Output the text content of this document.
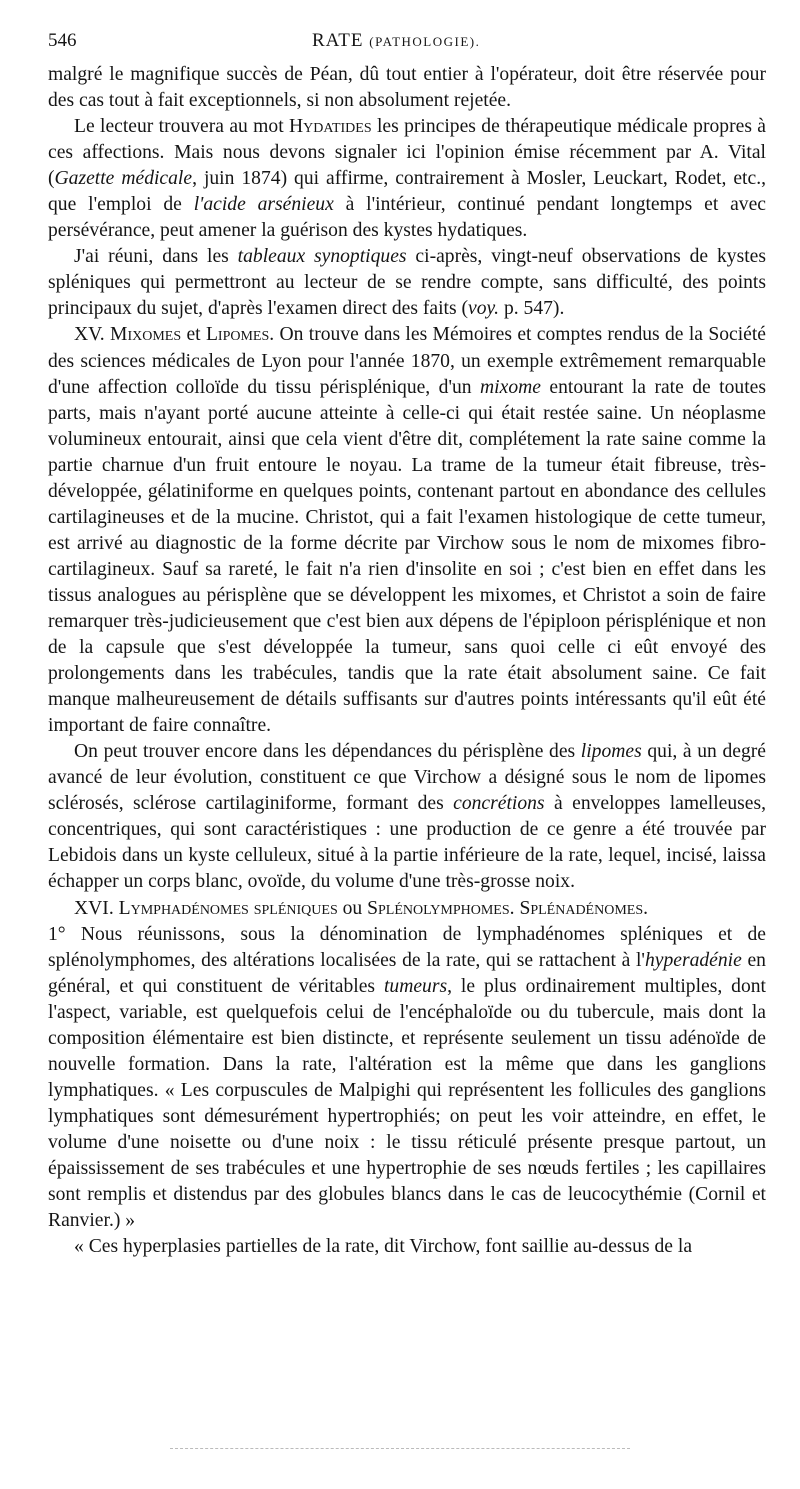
546	RATE (PATHOLOGIE).

malgré le magnifique succès de Péan, dû tout entier à l'opérateur, doit être réservée pour des cas tout à fait exceptionnels, si non absolument rejetée.

Le lecteur trouvera au mot Hydatides les principes de thérapeutique médicale propres à ces affections. Mais nous devons signaler ici l'opinion émise récemment par A. Vital (Gazette médicale, juin 1874) qui affirme, contrairement à Mosler, Leuckart, Rodet, etc., que l'emploi de l'acide arsénieux à l'intérieur, continué pendant longtemps et avec persévérance, peut amener la guérison des kystes hydatiques.

J'ai réuni, dans les tableaux synoptiques ci-après, vingt-neuf observations de kystes spléniques qui permettront au lecteur de se rendre compte, sans difficulté, des points principaux du sujet, d'après l'examen direct des faits (voy. p. 547).

XV. Mixomes et Lipomes. On trouve dans les Mémoires et comptes rendus de la Société des sciences médicales de Lyon pour l'année 1870, un exemple extrêmement remarquable d'une affection colloïde du tissu périsplénique, d'un mixome entourant la rate de toutes parts, mais n'ayant porté aucune atteinte à celle-ci qui était restée saine. Un néoplasme volumineux entourait, ainsi que cela vient d'être dit, complétement la rate saine comme la partie charnue d'un fruit entoure le noyau. La trame de la tumeur était fibreuse, très-développée, gélatiniforme en quelques points, contenant partout en abondance des cellules cartilagineuses et de la mucine. Christot, qui a fait l'examen histologique de cette tumeur, est arrivé au diagnostic de la forme décrite par Virchow sous le nom de mixomes fibro-cartilagineux. Sauf sa rareté, le fait n'a rien d'insolite en soi ; c'est bien en effet dans les tissus analogues au périsplène que se développent les mixomes, et Christot a soin de faire remarquer très-judicieusement que c'est bien aux dépens de l'épiploon périsplénique et non de la capsule que s'est développée la tumeur, sans quoi celle ci eût envoyé des prolongements dans les trabécules, tandis que la rate était absolument saine. Ce fait manque malheureusement de détails suffisants sur d'autres points intéressants qu'il eût été important de faire connaître.

On peut trouver encore dans les dépendances du périsplène des lipomes qui, à un degré avancé de leur évolution, constituent ce que Virchow a désigné sous le nom de lipomes sclérosés, sclérose cartilaginiforme, formant des concrétions à enveloppes lamelleuses, concentriques, qui sont caractéristiques : une production de ce genre a été trouvée par Lebidois dans un kyste celluleux, situé à la partie inférieure de la rate, lequel, incisé, laissa échapper un corps blanc, ovoïde, du volume d'une très-grosse noix.

XVI. Lymphadénomes spléniques ou Splénolymphomes. Splénadénomes.

1° Nous réunissons, sous la dénomination de lymphadénomes spléniques et de splénolymphomes, des altérations localisées de la rate, qui se rattachent à l'hyperadénie en général, et qui constituent de véritables tumeurs, le plus ordinairement multiples, dont l'aspect, variable, est quelquefois celui de l'encéphaloïde ou du tubercule, mais dont la composition élémentaire est bien distincte, et représente seulement un tissu adénoïde de nouvelle formation. Dans la rate, l'altération est la même que dans les ganglions lymphatiques. « Les corpuscules de Malpighi qui représentent les follicules des ganglions lymphatiques sont démesurément hypertrophiés; on peut les voir atteindre, en effet, le volume d'une noisette ou d'une noix : le tissu réticulé présente presque partout, un épaississement de ses trabécules et une hypertrophie de ses nœuds fertiles ; les capillaires sont remplis et distendus par des globules blancs dans le cas de leucocythémie (Cornil et Ranvier.) »

« Ces hyperplasies partielles de la rate, dit Virchow, font saillie au-dessus de la
